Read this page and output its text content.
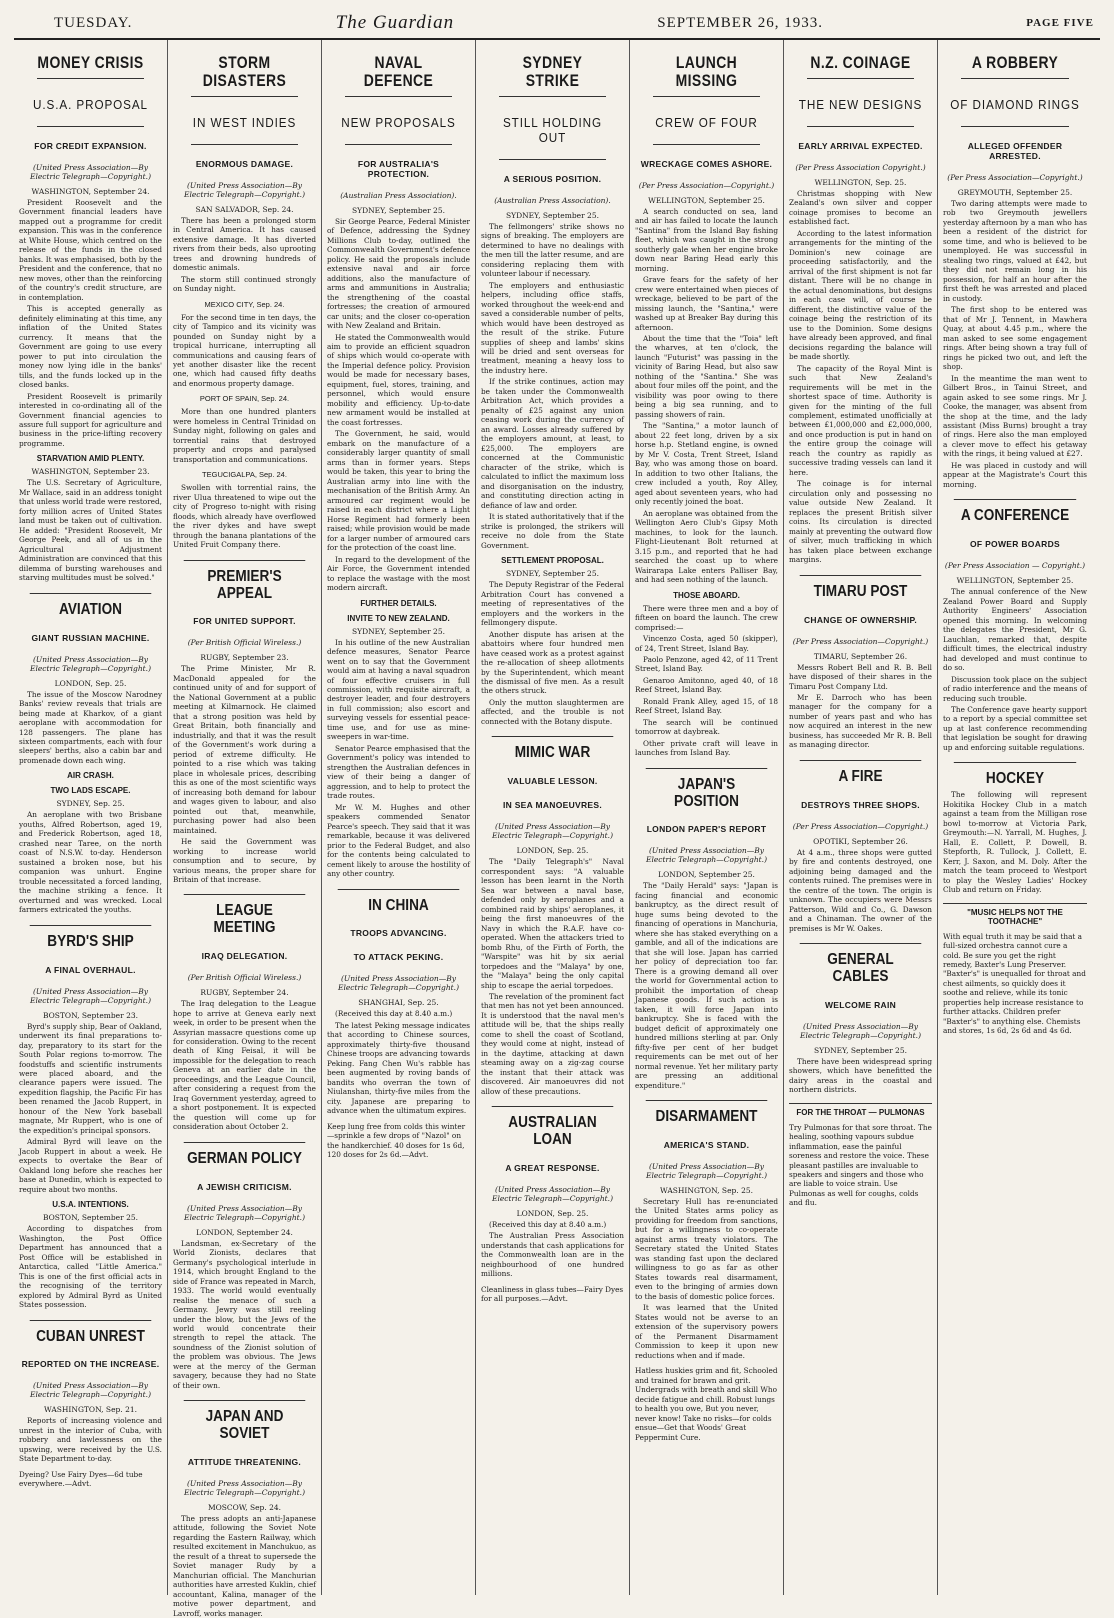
TUESDAY.	The Guardian	SEPTEMBER 26, 1933.	PAGE FIVE
MONEY CRISIS
U.S.A. PROPOSAL
FOR CREDIT EXPANSION.
(United Press Association—By Electric Telegraph—Copyright.)
WASHINGTON, September 24.

President Roosevelt and the Government financial leaders have mapped out a programme for credit expansion. This was in the conference at White House, which centred on the release of the funds in the closed banks. It was emphasised, both by the President and the conference, that no new moves, other than the reinforcing of the country's credit structure, are in contemplation.

This is accepted generally as definitely eliminating at this time, any inflation of the United States currency. It means that the Government are going to use every power to put into circulation the money now lying idle in the banks' tills, and the funds locked up in the closed banks.

President Roosevelt is primarily interested in co-ordinating all of the Government financial agencies to assure full support for agriculture and business in the price-lifting recovery programme.

STARVATION AMID PLENTY.
WASHINGTON, September 23.

The U.S. Secretary of Agriculture, Mr Wallace, said in an address tonight that unless world trade were restored, forty million acres of United States land must be taken out of cultivation. He added: "President Roosevelt, Mr George Peek, and all of us in the Agricultural Adjustment Administration are convinced that this dilemma of bursting warehouses and starving multitudes must be solved."

AVIATION
GIANT RUSSIAN MACHINE.
(United Press Association—By Electric Telegraph—Copyright.)
LONDON, Sep. 25.

The issue of the Moscow Narodney Banks' review reveals that trials are being made at Kharkov, of a giant aeroplane with accommodation for 128 passengers. The plane has sixteen compartments, each with four sleepers' berths, also a cabin bar and promenade down each wing.

AIR CRASH.
TWO LADS ESCAPE.
SYDNEY, Sep. 25.

An aeroplane with two Brisbane youths, Alfred Robertson, aged 19, and Frederick Robertson, aged 18, crashed near Taree, on the north coast of N.S.W. to-day. Henderson sustained a broken nose, but his companion was unhurt. Engine trouble necessitated a forced landing, the machine striking a fence. It overturned and was wrecked. Local farmers extricated the youths.

BYRD'S SHIP
A FINAL OVERHAUL.
(United Press Association—By Electric Telegraph—Copyright.)
BOSTON, September 23.

Byrd's supply ship, Bear of Oakland, underwent its final preparations to-day, preparatory to its start for the South Polar regions to-morrow. The foodstuffs and scientific instruments were placed aboard, and the clearance papers were issued. The expedition flagship, the Pacific Fir has been renamed the Jacob Ruppert, in honour of the New York baseball magnate, Mr Ruppert, who is one of the expedition's principal sponsors.

Admiral Byrd will leave on the Jacob Ruppert in about a week. He expects to overtake the Bear of Oakland long before she reaches her base at Dunedin, which is expected to require about two months.

U.S.A. INTENTIONS.
BOSTON, September 25.

According to dispatches from Washington, the Post Office Department has announced that a Post Office will be established in Antarctica, called "Little America." This is one of the first official acts in the recognising of the territory explored by Admiral Byrd as United States possession.

CUBAN UNREST
REPORTED ON THE INCREASE.
(United Press Association—By Electric Telegraph—Copyright.)
WASHINGTON, Sep. 21.

Reports of increasing violence and unrest in the interior of Cuba, with robbery and lawlessness on the upswing, were received by the U.S. State Department to-day.

Dyeing? Use Fairy Dyes—6d tube everywhere.—Advt.
STORM DISASTERS
IN WEST INDIES
ENORMOUS DAMAGE.
(United Press Association—By Electric Telegraph—Copyright.)
SAN SALVADOR, Sep. 24.

There has been a prolonged storm in Central America. It has caused extensive damage. It has diverted rivers from their beds, also uprooting trees and drowning hundreds of domestic animals.

The storm still continued strongly on Sunday night.

MEXICO CITY, Sep. 24.

For the second time in ten days, the city of Tampico and its vicinity was pounded on Sunday night by a tropical hurricane, interrupting all communications and causing fears of yet another disaster like the recent one, which had caused fifty deaths and enormous property damage.

PORT OF SPAIN, Sep. 24.

More than one hundred planters were homeless in Central Trinidad on Sunday night, following on gales and torrential rains that destroyed property and crops and paralysed transportation and communications.

TEGUCIGALPA, Sep. 24.

Swollen with torrential rains, the river Ulua threatened to wipe out the city of Progreso to-night with rising floods, which already have overflowed the river dykes and have swept through the banana plantations of the United Fruit Company there.

PREMIER'S APPEAL
FOR UNITED SUPPORT.
(Per British Official Wireless.)
RUGBY, September 23.

The Prime Minister, Mr R. MacDonald appealed for the continued unity of and for support of the National Government at a public meeting at Kilmarnock. He claimed that a strong position was held by Great Britain, both financially and industrially, and that it was the result of the Government's work during a period of extreme difficulty. He pointed to a rise which was taking place in wholesale prices, describing this as one of the most scientific ways of increasing both demand for labour and wages given to labour, and also pointed out that, meanwhile, purchasing power had also been maintained.

He said the Government was working to increase world consumption and to secure, by various means, the proper share for Britain of that increase.

LEAGUE MEETING
IRAQ DELEGATION.
(Per British Official Wireless.)
RUGBY, September 24.

The Iraq delegation to the League hope to arrive at Geneva early next week, in order to be present when the Assyrian massacre questions come up for consideration. Owing to the recent death of King Feisal, it will be impossible for the delegation to reach Geneva at an earlier date in the proceedings, and the League Council, after considering a request from the Iraq Government yesterday, agreed to a short postponement. It is expected the question will come up for consideration about October 2.

GERMAN POLICY
A JEWISH CRITICISM.
(United Press Association—By Electric Telegraph—Copyright.)
LONDON, September 24.

Landsman, ex-Secretary of the World Zionists, declares that Germany's psychological interlude in 1914, which brought England to the side of France was repeated in March, 1933. The world would eventually realise the menace of such a Germany. Jewry was still reeling under the blow, but the Jews of the world would concentrate their strength to repel the attack. The soundness of the Zionist solution of the problem was obvious. The Jews were at the mercy of the German savagery, because they had no State of their own.

JAPAN AND SOVIET
ATTITUDE THREATENING.
(United Press Association—By Electric Telegraph—Copyright.)
MOSCOW, Sep. 24.

The press adopts an anti-Japanese attitude, following the Soviet Note regarding the Eastern Railway, which resulted excitement in Manchukuo, as the result of a threat to supersede the Soviet manager Rudy by a Manchurian official. The Manchurian authorities have arrested Kuklin, chief accountant, Kalina, manager of the motive power department, and Lavroff, works manager.

NAVAL DEFENCE
NEW PROPOSALS
FOR AUSTRALIA'S PROTECTION.
(Australian Press Association).
SYDNEY, September 25.

Sir George Pearce, Federal Minister of Defence, addressing the Sydney Millions Club to-day, outlined the Commonwealth Government's defence policy. He said the proposals include extensive naval and air force additions, also the manufacture of arms and ammunitions in Australia; the strengthening of the coastal fortresses; the creation of armoured car units; and the closer co-operation with New Zealand and Britain.

He stated the Commonwealth would aim to provide an efficient squadron of ships which would co-operate with the Imperial defence policy. Provision would be made for necessary bases, equipment, fuel, stores, training, and personnel, which would ensure mobility and efficiency. Up-to-date new armament would be installed at the coast fortresses.

The Government, he said, would embark on the manufacture of a considerably larger quantity of small arms than in former years. Steps would be taken, this year to bring the Australian army into line with the mechanisation of the British Army. An armoured car regiment would be raised in each district where a Light Horse Regiment had formerly been raised; while provision would be made for a larger number of armoured cars for the protection of the coast line.

In regard to the development of the Air Force, the Government intended to replace the wastage with the most modern aircraft.

FURTHER DETAILS.
INVITE TO NEW ZEALAND.
SYDNEY, September 25.

In his outline of the new Australian defence measures, Senator Pearce went on to say that the Government would aim at having a naval squadron of four effective cruisers in full commission, with requisite aircraft, a destroyer leader, and four destroyers in full commission; also escort and surveying vessels for essential peace-time use, and for use as mine-sweepers in war-time.

Senator Pearce emphasised that the Government's policy was intended to strengthen the Australian defences in view of their being a danger of aggression, and to help to protect the trade routes.

Mr W. M. Hughes and other speakers commended Senator Pearce's speech. They said that it was remarkable, because it was delivered prior to the Federal Budget, and also for the contents being calculated to cement likely to arouse the hostility of any other country.

IN CHINA
TROOPS ADVANCING.
TO ATTACK PEKING.
(United Press Association—By Electric Telegraph—Copyright.)
SHANGHAI, Sep. 25.

(Received this day at 8.40 a.m.)

The latest Peking message indicates that according to Chinese sources, approximately thirty-five thousand Chinese troops are advancing towards Peking. Fang Chen Wu's rabble has been augmented by roving bands of bandits who overran the town of Niulanshan, thirty-five miles from the city. Japanese are preparing to advance when the ultimatum expires.

Keep lung free from colds this winter—sprinkle a few drops of "Nazol" on the handkerchief. 40 doses for 1s 6d, 120 doses for 2s 6d.—Advt.
SYDNEY STRIKE
STILL HOLDING OUT
A SERIOUS POSITION.
(Australian Press Association).
SYDNEY, September 25.

The fellmongers' strike shows no signs of breaking. The employers are determined to have no dealings with the men till the latter resume, and are considering replacing them with volunteer labour if necessary.

The employers and enthusiastic helpers, including office staffs, worked throughout the week-end and saved a considerable number of pelts, which would have been destroyed as the result of the strike. Future supplies of sheep and lambs' skins will be dried and sent overseas for treatment, meaning a heavy loss to the industry here.

If the strike continues, action may be taken under the Commonwealth Arbitration Act, which provides a penalty of £25 against any union ceasing work during the currency of an award. Losses already suffered by the employers amount, at least, to £25,000. The employers are concerned at the Communistic character of the strike, which is calculated to inflict the maximum loss and disorganisation on the industry, and constituting direction acting in defiance of law and order.

It is stated authoritatively that if the strike is prolonged, the strikers will receive no dole from the State Government.

SETTLEMENT PROPOSAL.
SYDNEY, September 25.

The Deputy Registrar of the Federal Arbitration Court has convened a meeting of representatives of the employers and the workers in the fellmongery dispute.

Another dispute has arisen at the abattoirs where four hundred men have ceased work as a protest against the re-allocation of sheep allotments by the Superintendent, which meant the dismissal of five men. As a result the others struck.

Only the mutton slaughtermen are affected, and the trouble is not connected with the Botany dispute.

MIMIC WAR
VALUABLE LESSON.
IN SEA MANOEUVRES.
(United Press Association—By Electric Telegraph—Copyright.)
LONDON, Sep. 25.

The "Daily Telegraph's" Naval correspondent says: "A valuable lesson has been learnt in the North Sea war between a naval base, defended only by aeroplanes and a combined raid by ships' aeroplanes, it being the first manoeuvres of the Navy in which the R.A.F. have co-operated. When the attackers tried to bomb Rhu, of the Firth of Forth, the "Warspite" was hit by six aerial torpedoes and the "Malaya" by one, the "Malaya" being the only capital ship to escape the aerial torpedoes.

The revelation of the prominent fact that men has not yet been announced. It is understood that the naval men's attitude will be, that the ships really come to shell the coast of Scotland, they would come at night, instead of in the daytime, attacking at dawn steaming away on a zig-zag course the instant that their attack was discovered. Air manoeuvres did not allow of these precautions.

AUSTRALIAN LOAN
A GREAT RESPONSE.
(United Press Association—By Electric Telegraph—Copyright.)
LONDON, Sep. 25.

(Received this day at 8.40 a.m.)

The Australian Press Association understands that cash applications for the Commonwealth loan are in the neighbourhood of one hundred millions.

Cleanliness in glass tubes—Fairy Dyes for all purposes.—Advt.
LAUNCH MISSING
CREW OF FOUR
WRECKAGE COMES ASHORE.
(Per Press Association—Copyright.)
WELLINGTON, September 25.

A search conducted on sea, land and air has failed to locate the launch "Santina" from the Island Bay fishing fleet, which was caught in the strong southerly gale when her engine broke down near Baring Head early this morning.

Grave fears for the safety of her crew were entertained when pieces of wreckage, believed to be part of the missing launch, the "Santina," were washed up at Breaker Bay during this afternoon.

About the time that the "Toia" left the wharves, at ten o'clock, the launch "Futurist" was passing in the vicinity of Baring Head, but also saw nothing of the "Santina." She was about four miles off the point, and the visibility was poor owing to there being a big sea running, and to passing showers of rain.

The "Santina," a motor launch of about 22 feet long, driven by a six horse h.p. Stetland engine, is owned by Mr V. Costa, Trent Street, Island Bay, who was among those on board. In addition to two other Italians, the crew included a youth, Roy Alley, aged about seventeen years, who had only recently joined the boat.

An aeroplane was obtained from the Wellington Aero Club's Gipsy Moth machines, to look for the launch. Flight-Lieutenant Bolt returned at 3.15 p.m., and reported that he had searched the coast up to where Wairarapa Lake enters Palliser Bay, and had seen nothing of the launch.

THOSE ABOARD.

There were three men and a boy of fifteen on board the launch. The crew comprised:—

Vincenzo Costa, aged 50 (skipper), of 24, Trent Street, Island Bay.

Paolo Penzone, aged 42, of 11 Trent Street, Island Bay.

Genaroo Amitonno, aged 40, of 18 Reef Street, Island Bay.

Ronald Frank Alley, aged 15, of 18 Reef Street, Island Bay.

The search will be continued tomorrow at daybreak.

Other private craft will leave in launches from Island Bay.

JAPAN'S POSITION
LONDON PAPER'S REPORT
(United Press Association—By Electric Telegraph—Copyright.)
LONDON, September 25.

The "Daily Herald" says: "Japan is facing financial and economic bankruptcy, as the direct result of huge sums being devoted to the financing of operations in Manchuria, where she has staked everything on a gamble, and all of the indications are that she will lose. Japan has carried her policy of depreciation too far. There is a growing demand all over the world for Governmental action to prohibit the importation of cheap Japanese goods. If such action is taken, it will force Japan into bankruptcy. She is faced with the budget deficit of approximately one hundred millions sterling at par. Only fifty-five per cent of her budget requirements can be met out of her normal revenue. Yet her military party are pressing an additional expenditure."

DISARMAMENT
AMERICA'S STAND.
(United Press Association—By Electric Telegraph—Copyright.)
WASHINGTON, Sep. 25.

Secretary Hull has re-enunciated the United States arms policy as providing for freedom from sanctions, but for a willingness to co-operate against arms treaty violators. The Secretary stated the United States was standing fast upon the declared willingness to go as far as other States towards real disarmament, even to the bringing of armies down to the basis of domestic police forces.

It was learned that the United States would not be averse to an extension of the supervisory powers of the Permanent Disarmament Commission to keep it upon new reductions when and if made.

Hatless huskies grim and fit, Schooled and trained for brawn and grit. Undergrads with breath and skill Who decide fatigue and chill. Robust lungs to health you owe, But you never, never know! Take no risks—for colds ensue—Get that Woods' Great Peppermint Cure.
N.Z. COINAGE
THE NEW DESIGNS
EARLY ARRIVAL EXPECTED.
(Per Press Association Copyright.)
WELLINGTON, Sep. 25.

Christmas shopping with New Zealand's own silver and copper coinage promises to become an established fact.

According to the latest information arrangements for the minting of the Dominion's new coinage are proceeding satisfactorily, and the arrival of the first shipment is not far distant. There will be no change in the actual denominations, but designs in each case will, of course be different, the distinctive value of the coinage being the restriction of its use to the Dominion. Some designs have already been approved, and final decisions regarding the balance will be made shortly.

The capacity of the Royal Mint is such that New Zealand's requirements will be met in the shortest space of time. Authority is given for the minting of the full complement, estimated unofficially at between £1,000,000 and £2,000,000, and once production is put in hand on the entire group the coinage will reach the country as rapidly as successive trading vessels can land it here.

The coinage is for internal circulation only and possessing no value outside New Zealand. It replaces the present British silver coins. Its circulation is directed mainly at preventing the outward flow of silver, much trafficking in which has taken place between exchange margins.

TIMARU POST
CHANGE OF OWNERSHIP.
(Per Press Association—Copyright.)
TIMARU, September 26.

Messrs Robert Bell and R. B. Bell have disposed of their shares in the Timaru Post Company Ltd.

Mr E. Darroch who has been manager for the company for a number of years past and who has now acquired an interest in the new business, has succeeded Mr R. B. Bell as managing director.

A FIRE
DESTROYS THREE SHOPS.
(Per Press Association—Copyright.)
OPOTIKI, September 26.

At 4 a.m., three shops were gutted by fire and contents destroyed, one adjoining being damaged and the contents ruined. The premises were in the centre of the town. The origin is unknown. The occupiers were Messrs Patterson, Wild and Co., G. Dawson and a Chinaman. The owner of the premises is Mr W. Oakes.

GENERAL CABLES
WELCOME RAIN
(United Press Association—By Electric Telegraph—Copyright.)
SYDNEY, September 25.

There have been widespread spring showers, which have benefitted the dairy areas in the coastal and northern districts.

FOR THE THROAT — PULMONAS
Try Pulmonas for that sore throat. The healing, soothing vapours subdue inflammation, ease the painful soreness and restore the voice. These pleasant pastilles are invaluable to speakers and singers and those who are liable to voice strain. Use Pulmonas as well for coughs, colds and flu.
A ROBBERY
OF DIAMOND RINGS
ALLEGED OFFENDER ARRESTED.
(Per Press Association—Copyright.)
GREYMOUTH, September 25.

Two daring attempts were made to rob two Greymouth jewellers yesterday afternoon by a man who has been a resident of the district for some time, and who is believed to be unemployed. He was successful in stealing two rings, valued at £42, but they did not remain long in his possession, for half an hour after the first theft he was arrested and placed in custody.

The first shop to be entered was that of Mr J. Tennent, in Mawhera Quay, at about 4.45 p.m., where the man asked to see some engagement rings. After being shown a tray full of rings he picked two out, and left the shop.

In the meantime the man went to Gilbert Bros., in Tainui Street, and again asked to see some rings. Mr J. Cooke, the manager, was absent from the shop at the time, and the lady assistant (Miss Burns) brought a tray of rings. Here also the man employed a clever move to effect his getaway with the rings, it being valued at £27.

He was placed in custody and will appear at the Magistrate's Court this morning.

A CONFERENCE
OF POWER BOARDS
(Per Press Association — Copyright.)
WELLINGTON, September 25.

The annual conference of the New Zealand Power Board and Supply Authority Engineers' Association opened this morning. In welcoming the delegates the President, Mr G. Lauchlan, remarked that, despite difficult times, the electrical industry had developed and must continue to do so.

Discussion took place on the subject of radio interference and the means of reducing such trouble.

The Conference gave hearty support to a report by a special committee set up at last conference recommending that legislation be sought for drawing up and enforcing suitable regulations.

HOCKEY

The following will represent Hokitika Hockey Club in a match against a team from the Milligan rose bowl to-morrow at Victoria Park, Greymouth:—N. Yarrall, M. Hughes, J. Hall, E. Collett, P. Dowell, B. Stepforth, R. Tullock, J. Collett, E. Kerr, J. Saxon, and M. Doly. After the match the team proceed to Westport to play the Wesley Ladies' Hockey Club and return on Friday.

"MUSIC HELPS NOT THE TOOTHACHE"
With equal truth it may be said that a full-sized orchestra cannot cure a cold. Be sure you get the right remedy, Baxter's Lung Preserver. "Baxter's" is unequalled for throat and chest ailments, so quickly does it soothe and relieve, while its tonic properties help increase resistance to further attacks. Children prefer "Baxter's" to anything else. Chemists and stores, 1s 6d, 2s 6d and 4s 6d.
